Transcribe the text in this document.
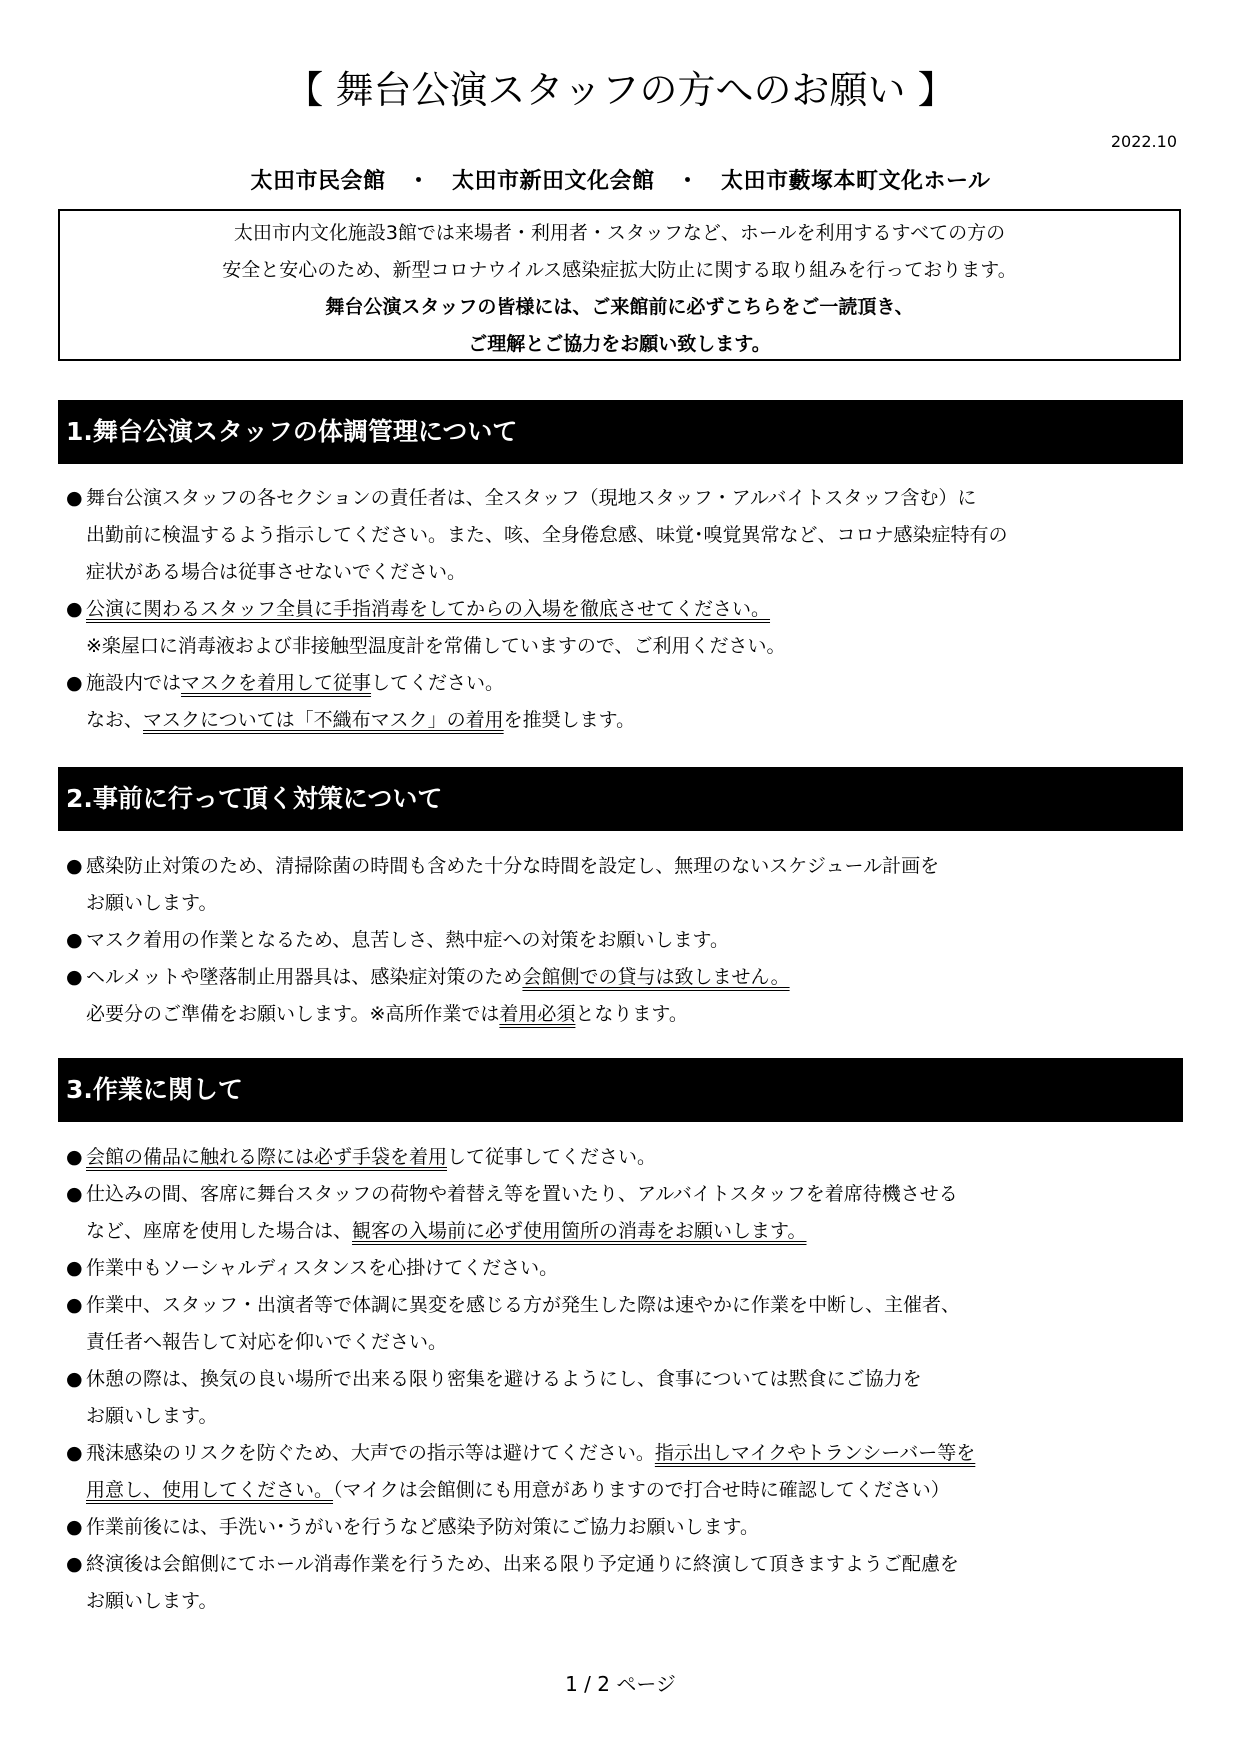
【 舞台公演スタッフの方へのお願い 】
2022.10
太田市民会館 ・ 太田市新田文化会館 ・ 太田市藪塚本町文化ホール
太田市内文化施設3館では来場者・利用者・スタッフなど、ホールを利用するすべての方の
安全と安心のため、新型コロナウイルス感染症拡大防止に関する取り組みを行っております。
舞台公演スタッフの皆様には、ご来館前に必ずこちらをご一読頂き、
ご理解とご協力をお願い致します。
1.舞台公演スタッフの体調管理について
● 舞台公演スタッフの各セクションの責任者は、全スタッフ（現地スタッフ・アルバイトスタッフ含む）に
出勤前に検温するよう指示してください。また、咳、全身倦怠感、味覚･嗅覚異常など、コロナ感染症特有の
症状がある場合は従事させないでください。
● 公演に関わるスタッフ全員に手指消毒をしてからの入場を徹底させてください。
※楽屋口に消毒液および非接触型温度計を常備していますので、ご利用ください。
● 施設内ではマスクを着用して従事してください。
なお、マスクについては「不織布マスク」の着用を推奨します。
2.事前に行って頂く対策について
● 感染防止対策のため、清掃除菌の時間も含めた十分な時間を設定し、無理のないスケジュール計画を
お願いします。
● マスク着用の作業となるため、息苦しさ、熱中症への対策をお願いします。
● ヘルメットや墜落制止用器具は、感染症対策のため会館側での貸与は致しません。
必要分のご準備をお願いします。※高所作業では着用必須となります。
3.作業に関して
● 会館の備品に触れる際には必ず手袋を着用して従事してください。
● 仕込みの間、客席に舞台スタッフの荷物や着替え等を置いたり、アルバイトスタッフを着席待機させる
など、座席を使用した場合は、観客の入場前に必ず使用箇所の消毒をお願いします。
● 作業中もソーシャルディスタンスを心掛けてください。
● 作業中、スタッフ・出演者等で体調に異変を感じる方が発生した際は速やかに作業を中断し、主催者、
責任者へ報告して対応を仰いでください。
● 休憩の際は、換気の良い場所で出来る限り密集を避けるようにし、食事については黙食にご協力を
お願いします。
● 飛沫感染のリスクを防ぐため、大声での指示等は避けてください。指示出しマイクやトランシーバー等を
用意し、使用してください。（マイクは会館側にも用意がありますので打合せ時に確認してください）
● 作業前後には、手洗い･うがいを行うなど感染予防対策にご協力お願いします。
● 終演後は会館側にてホール消毒作業を行うため、出来る限り予定通りに終演して頂きますようご配慮を
お願いします。
1 / 2 ページ
